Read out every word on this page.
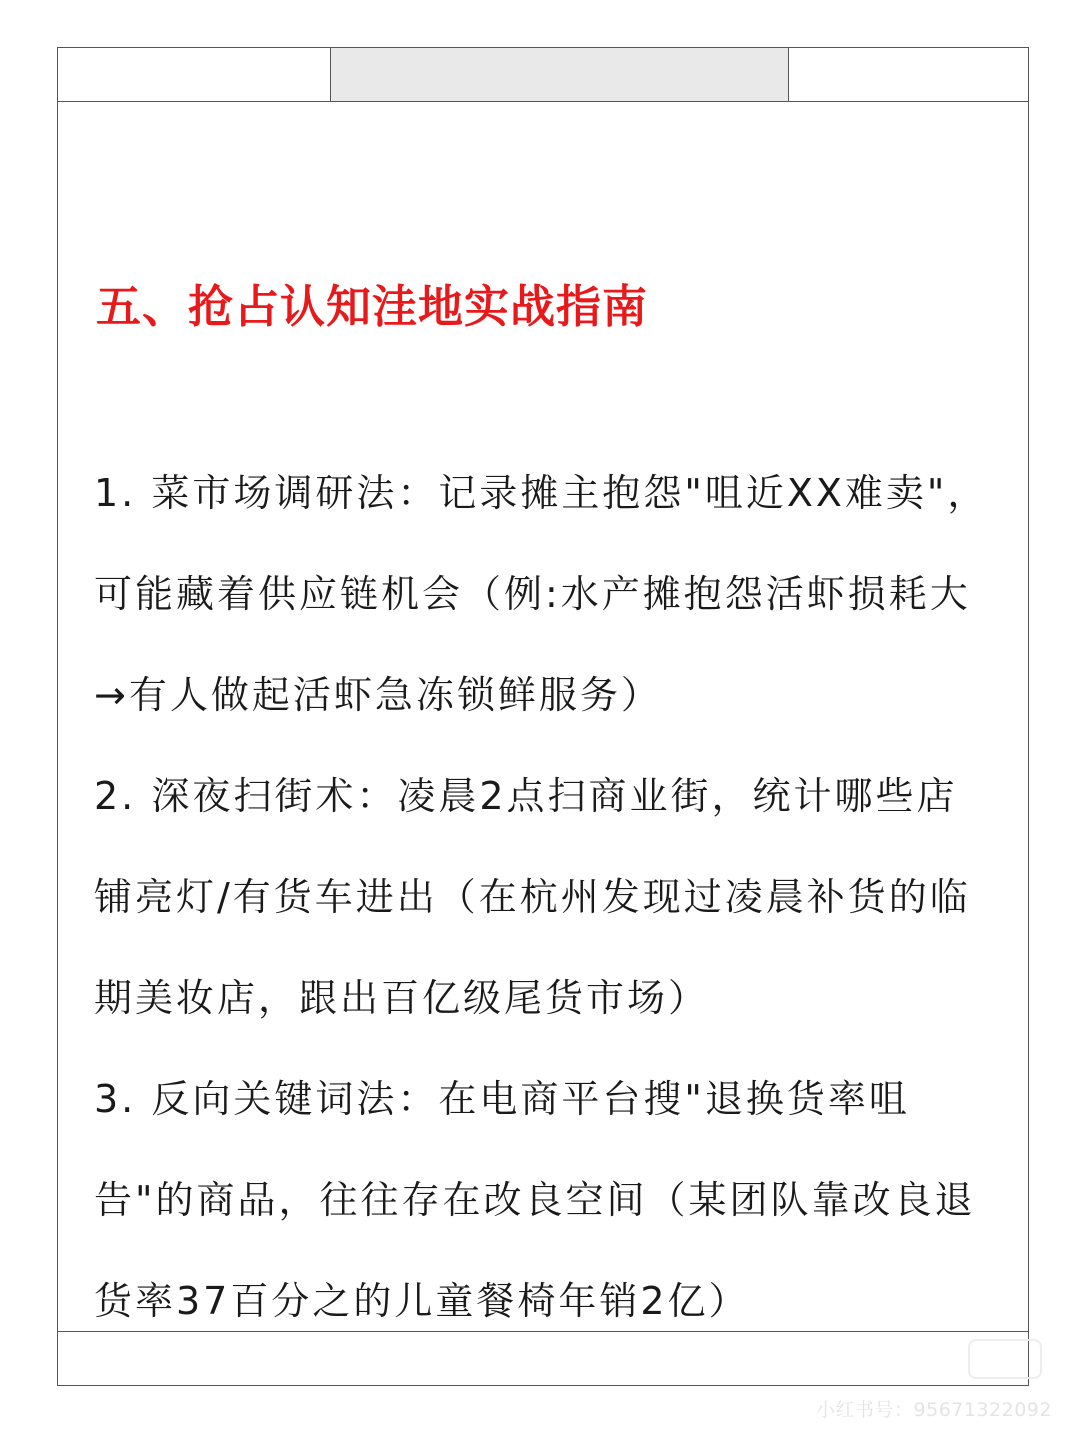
五、抢占认知洼地实战指南
1. 菜市场调研法：记录摊主抱怨"咀近XX难卖"，可能藏着供应链机会（例:水产摊抱怨活虾损耗大→有人做起活虾急冻锁鲜服务）
2. 深夜扫街术：凌晨2点扫商业街，统计哪些店铺亮灯/有货车进出（在杭州发现过凌晨补货的临期美妆店，跟出百亿级尾货市场）
3. 反向关键词法：在电商平台搜"退换货率咀告"的商品，往往存在改良空间（某团队靠改良退货率37百分之的儿童餐椅年销2亿）
小红书号：95671322092
